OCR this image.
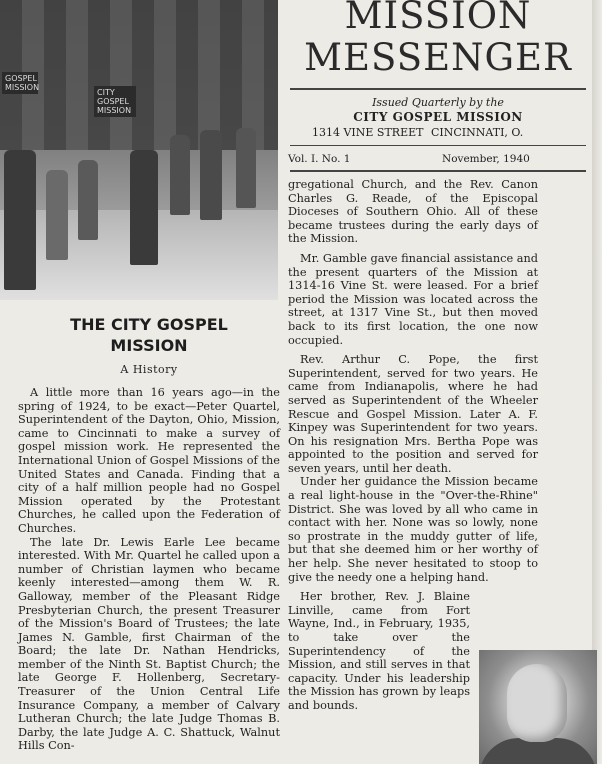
GOSPEL MISSION
CITY GOSPEL MISSION
MISSION
MESSENGER
Issued Quarterly by the
CITY GOSPEL MISSION
1314 VINE STREET CINCINNATI, O.
Vol. I. No. 1	November, 1940
THE CITY GOSPEL
MISSION
A History

A little more than 16 years ago—in the spring of 1924, to be exact—Peter Quartel, Superintendent of the Dayton, Ohio, Mission, came to Cincinnati to make a survey of gospel mission work. He represented the International Union of Gospel Missions of the United States and Canada. Finding that a city of a half million people had no Gospel Mission operated by the Protestant Churches, he called upon the Federation of Churches.

The late Dr. Lewis Earle Lee became interested. With Mr. Quartel he called upon a number of Christian laymen who became keenly interested—among them W. R. Galloway, member of the Pleasant Ridge Presbyterian Church, the present Treasurer of the Mission's Board of Trustees; the late James N. Gamble, first Chairman of the Board; the late Dr. Nathan Hendricks, member of the Ninth St. Baptist Church; the late George F. Hollenberg, Secretary-Treasurer of the Union Central Life Insurance Company, a member of Calvary Lutheran Church; the late Judge Thomas B. Darby, the late Judge A. C. Shattuck, Walnut Hills Con-

gregational Church, and the Rev. Canon Charles G. Reade, of the Episcopal Dioceses of Southern Ohio. All of these became trustees during the early days of the Mission.

Mr. Gamble gave financial assistance and the present quarters of the Mission at 1314-16 Vine St. were leased. For a brief period the Mission was located across the street, at 1317 Vine St., but then moved back to its first location, the one now occupied.

Rev. Arthur C. Pope, the first Superintendent, served for two years. He came from Indianapolis, where he had served as Superintendent of the Wheeler Rescue and Gospel Mission. Later A. F. Kinpey was Superintendent for two years. On his resignation Mrs. Bertha Pope was appointed to the position and served for seven years, until her death.

Under her guidance the Mission became a real light-house in the "Over-the-Rhine" District. She was loved by all who came in contact with her. None was so lowly, none so prostrate in the muddy gutter of life, but that she deemed him or her worthy of her help. She never hesitated to stoop to give the needy one a helping hand.

Her brother, Rev. J. Blaine Linville, came from Fort Wayne, Ind., in February, 1935, to take over the Superintendency of the Mission, and still serves in that capacity. Under his leadership the Mission has grown by leaps and bounds.
